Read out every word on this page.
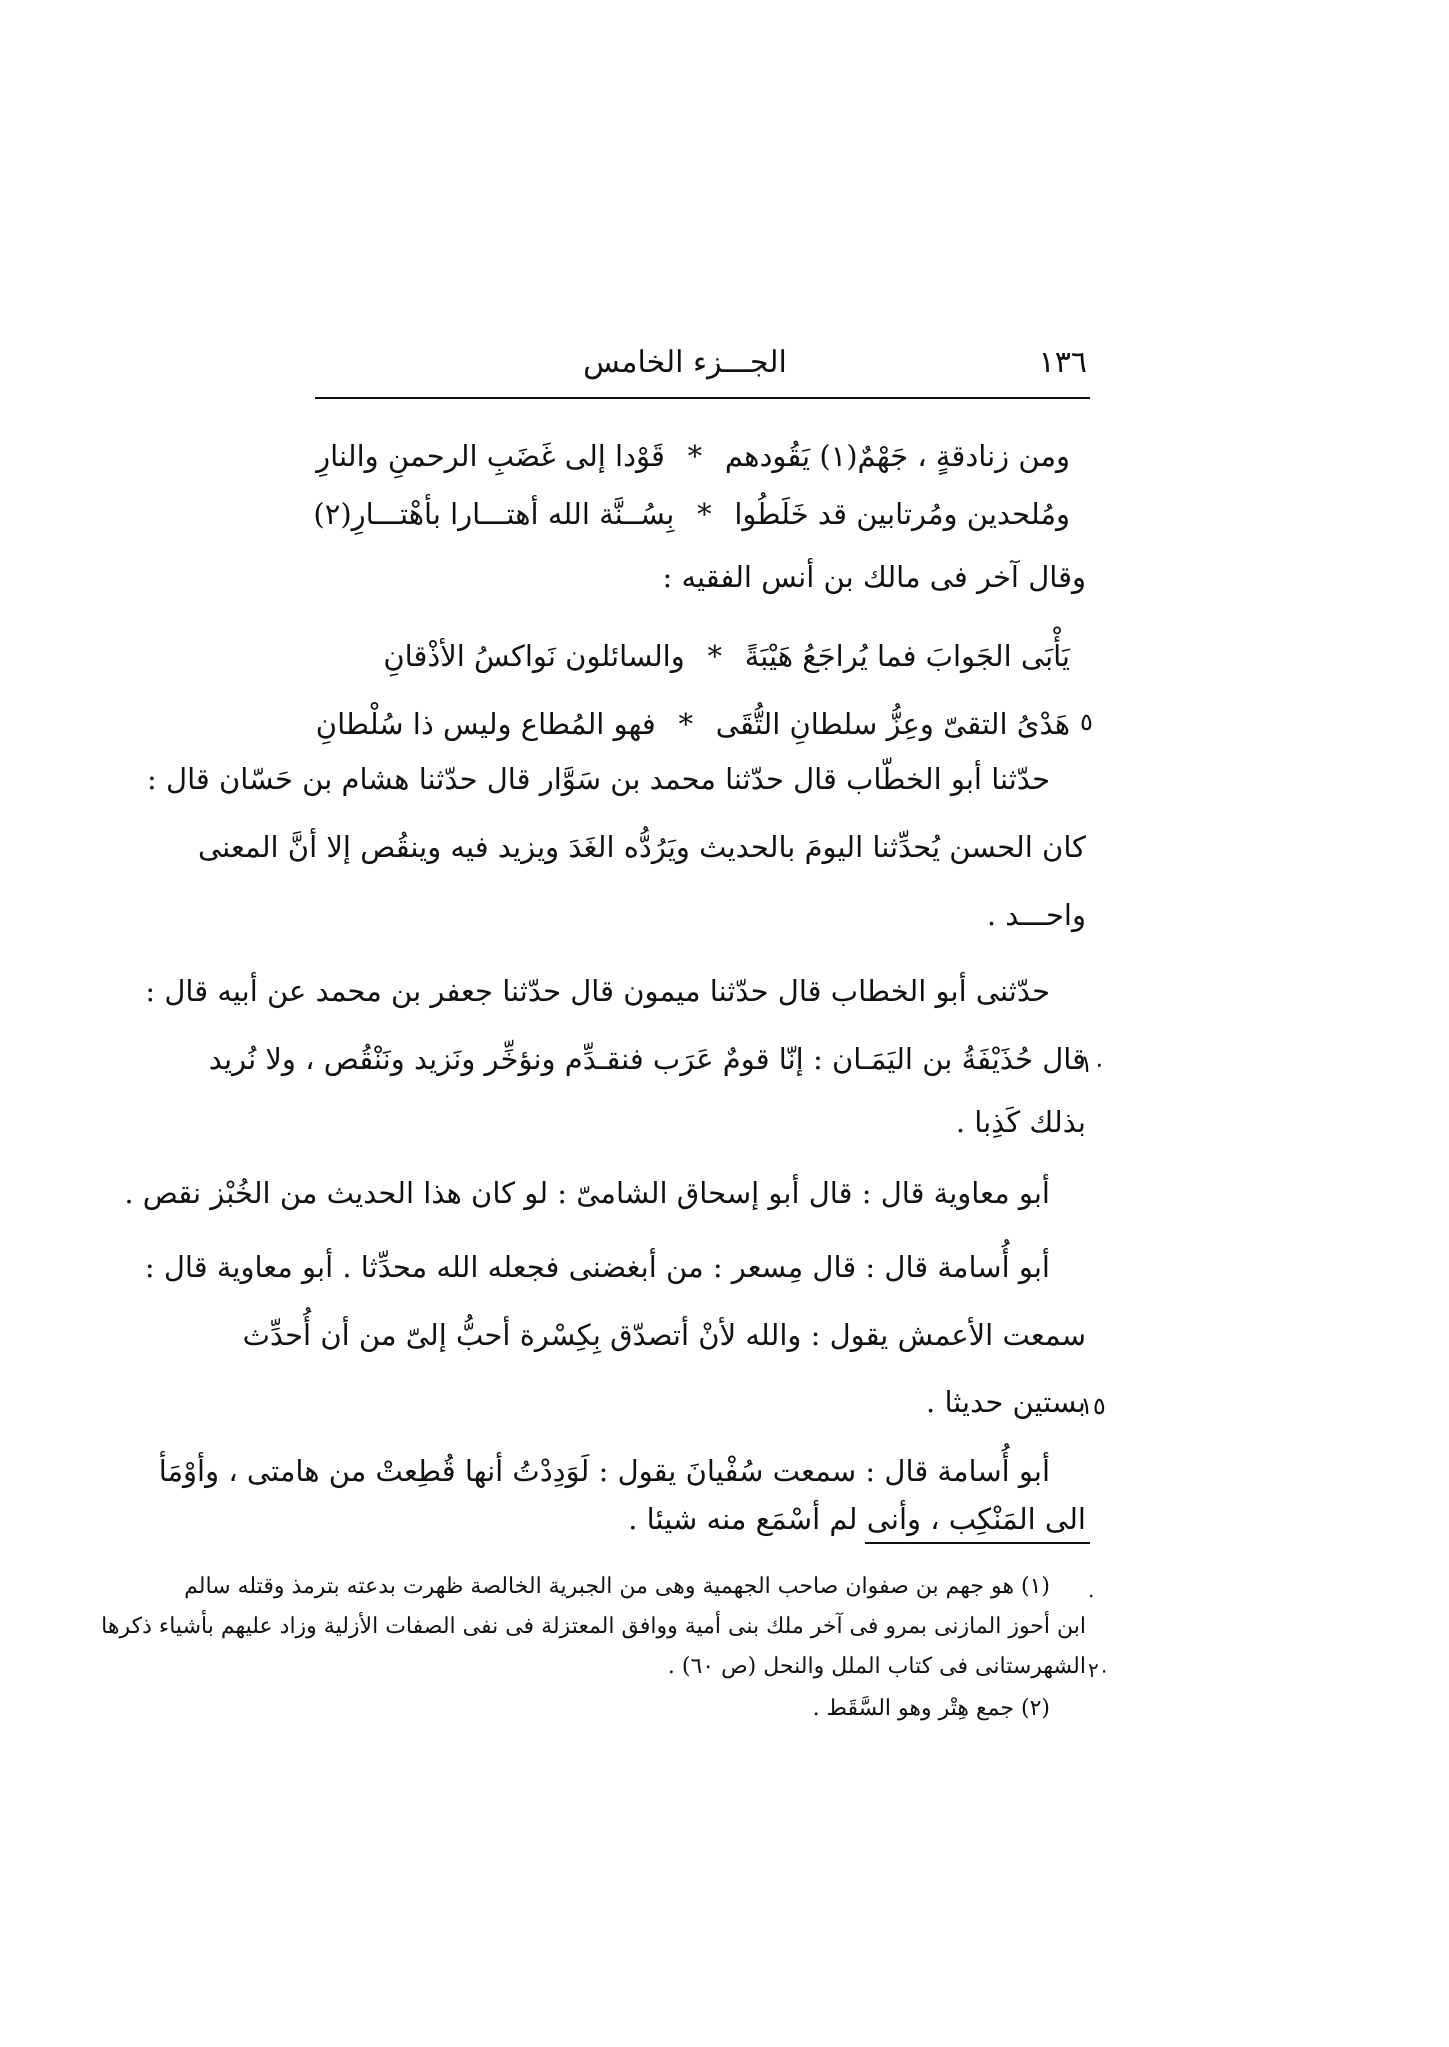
١٣٦
الجـــزء الخامس
ومن زنادقةٍ ، جَهْمٌ(١) يَقُودهم
*
قَوْدا إلى غَضَبِ الرحمنِ والنارِ
ومُلحدين ومُرتابين قد خَلَطُوا
*
بِسُــنَّة الله أهتـــارا بأهْتـــارِ(٢)
وقال آخر فى مالك بن أنس الفقيه :
يَأْبَى الجَوابَ فما يُراجَعُ هَيْبَةً
*
والسائلون نَواكسُ الأذْقانِ
هَدْىُ التقىّ وعِزُّ سلطانِ التُّقَى
*
فهو المُطاع وليس ذا سُلْطانِ	٥
حدّثنا أبو الخطّاب قال حدّثنا محمد بن سَوَّار قال حدّثنا هشام بن حَسّان قال :
كان الحسن يُحدِّثنا اليومَ بالحديث ويَرُدُّه الغَدَ ويزيد فيه وينقُص إلا أنَّ المعنى
واحـــد .
حدّثنى أبو الخطاب قال حدّثنا ميمون قال حدّثنا جعفر بن محمد عن أبيه قال :
قال حُذَيْفَةُ بن اليَمَـان : إنّا قومٌ عَرَب فنقـدِّم ونؤخِّر ونَزيد ونَنْقُص ، ولا نُريد
١٠
بذلك كَذِبا .
أبو معاوية قال : قال أبو إسحاق الشامىّ : لو كان هذا الحديث من الخُبْز نقص .
أبو أُسامة قال : قال مِسعر : من أبغضنى فجعله الله محدِّثا . أبو معاوية قال :
سمعت الأعمش يقول : والله لأنْ أتصدّق بِكِسْرة أحبُّ إلىّ من أن أُحدِّث
بستين حديثا .
١٥
أبو أُسامة قال : سمعت سُفْيانَ يقول : لَوَدِدْتُ أنها قُطِعتْ من هامتى ، وأوْمَأ
الى المَنْكِب ، وأنى لم أسْمَع منه شيئا .
.
(١) هو جهم بن صفوان صاحب الجهمية وهى من الجبرية الخالصة ظهرت بدعته بترمذ وقتله سالم
ابن أحوز المازنى بمرو فى آخر ملك بنى أمية ووافق المعتزلة فى نفى الصفات الأزلية وزاد عليهم بأشياء ذكرها
الشهرستانى فى كتاب الملل والنحل (ص ٦٠) . ٢٠
(٢) جمع هِتْر وهو السَّقَط .
